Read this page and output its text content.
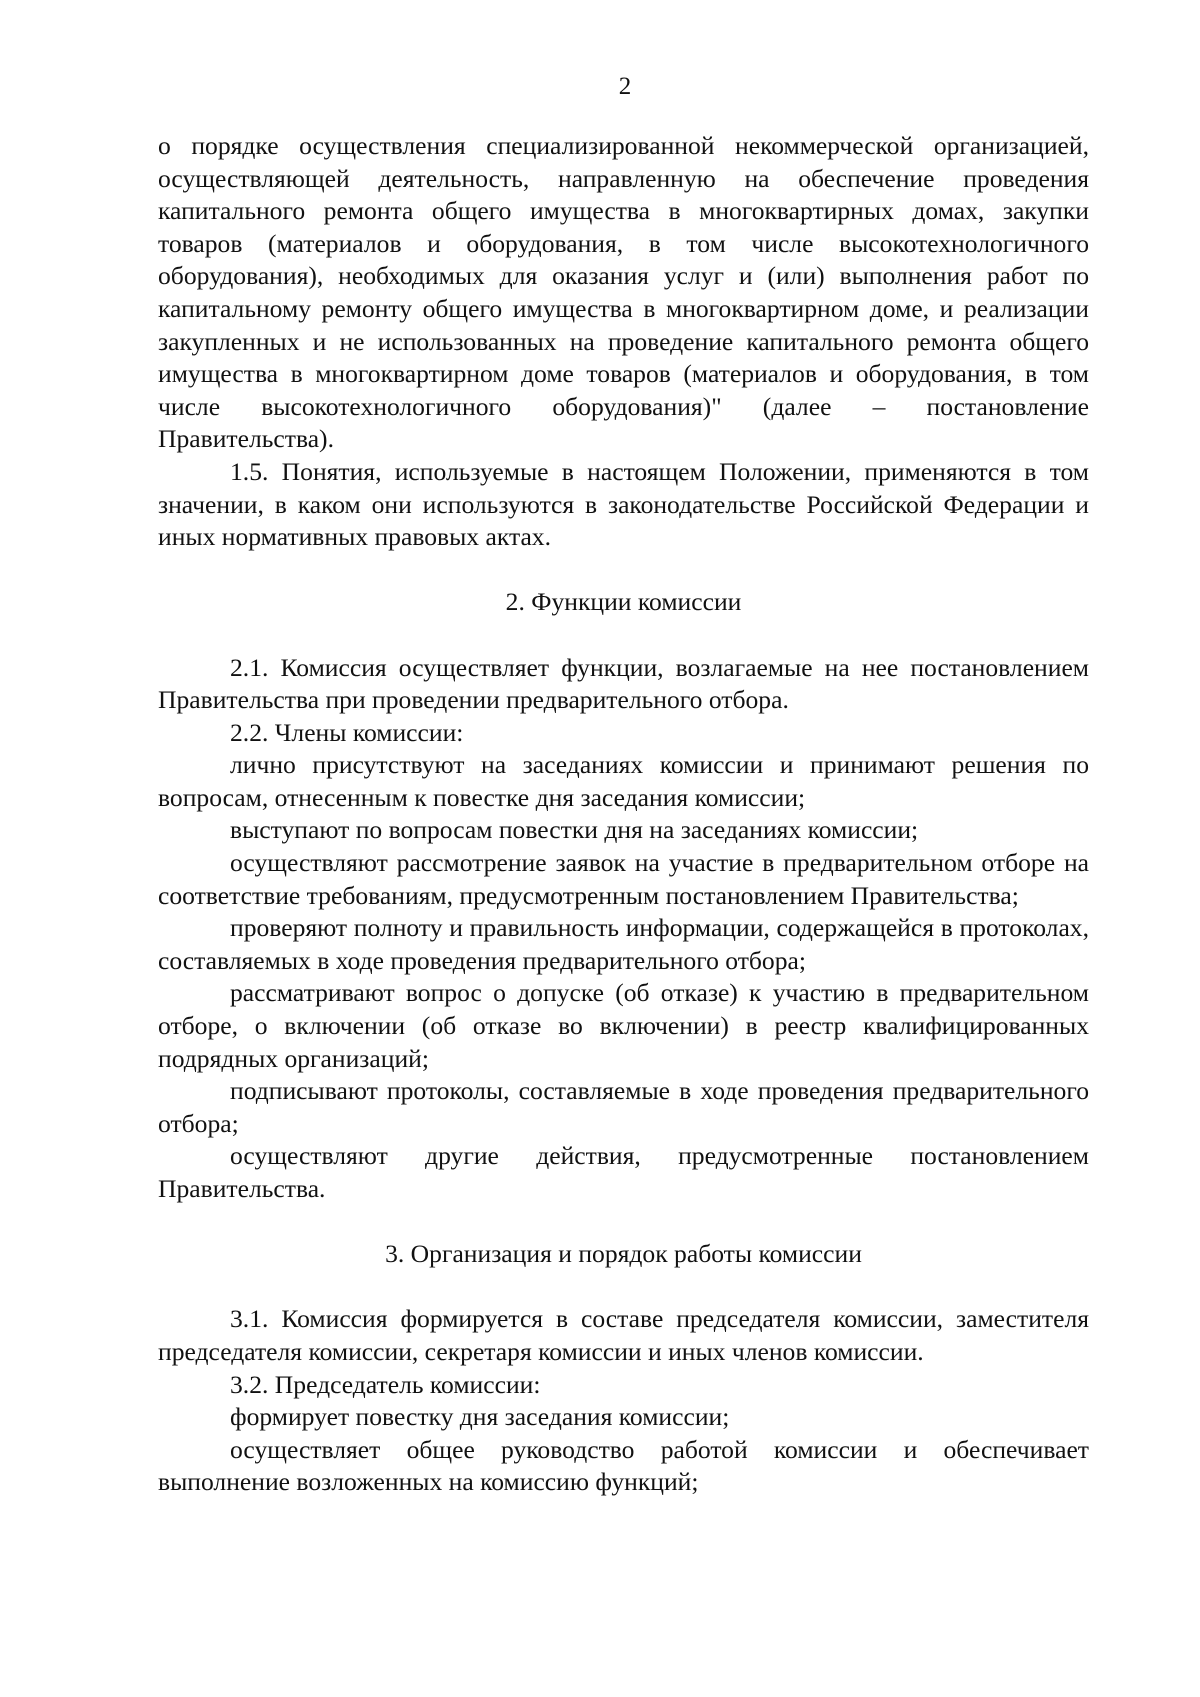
2

о порядке осуществления специализированной некоммерческой организацией, осуществляющей деятельность, направленную на обеспечение проведения капитального ремонта общего имущества в многоквартирных домах, закупки товаров (материалов и оборудования, в том числе высокотехнологичного оборудования), необходимых для оказания услуг и (или) выполнения работ по капитальному ремонту общего имущества в многоквартирном доме, и реализации закупленных и не использованных на проведение капитального ремонта общего имущества в многоквартирном доме товаров (материалов и оборудования, в том числе высокотехнологичного оборудования)" (далее – постановление Правительства).

1.5. Понятия, используемые в настоящем Положении, применяются в том значении, в каком они используются в законодательстве Российской Федерации и иных нормативных правовых актах.

2. Функции комиссии

2.1. Комиссия осуществляет функции, возлагаемые на нее постановлением Правительства при проведении предварительного отбора.

2.2. Члены комиссии:

лично присутствуют на заседаниях комиссии и принимают решения по вопросам, отнесенным к повестке дня заседания комиссии;

выступают по вопросам повестки дня на заседаниях комиссии;

осуществляют рассмотрение заявок на участие в предварительном отборе на соответствие требованиям, предусмотренным постановлением Правительства;

проверяют полноту и правильность информации, содержащейся в протоколах, составляемых в ходе проведения предварительного отбора;

рассматривают вопрос о допуске (об отказе) к участию в предварительном отборе, о включении (об отказе во включении) в реестр квалифицированных подрядных организаций;

подписывают протоколы, составляемые в ходе проведения предварительного отбора;

осуществляют другие действия, предусмотренные постановлением Правительства.

3. Организация и порядок работы комиссии

3.1. Комиссия формируется в составе председателя комиссии, заместителя председателя комиссии, секретаря комиссии и иных членов комиссии.

3.2. Председатель комиссии:

формирует повестку дня заседания комиссии;

осуществляет общее руководство работой комиссии и обеспечивает выполнение возложенных на комиссию функций;
